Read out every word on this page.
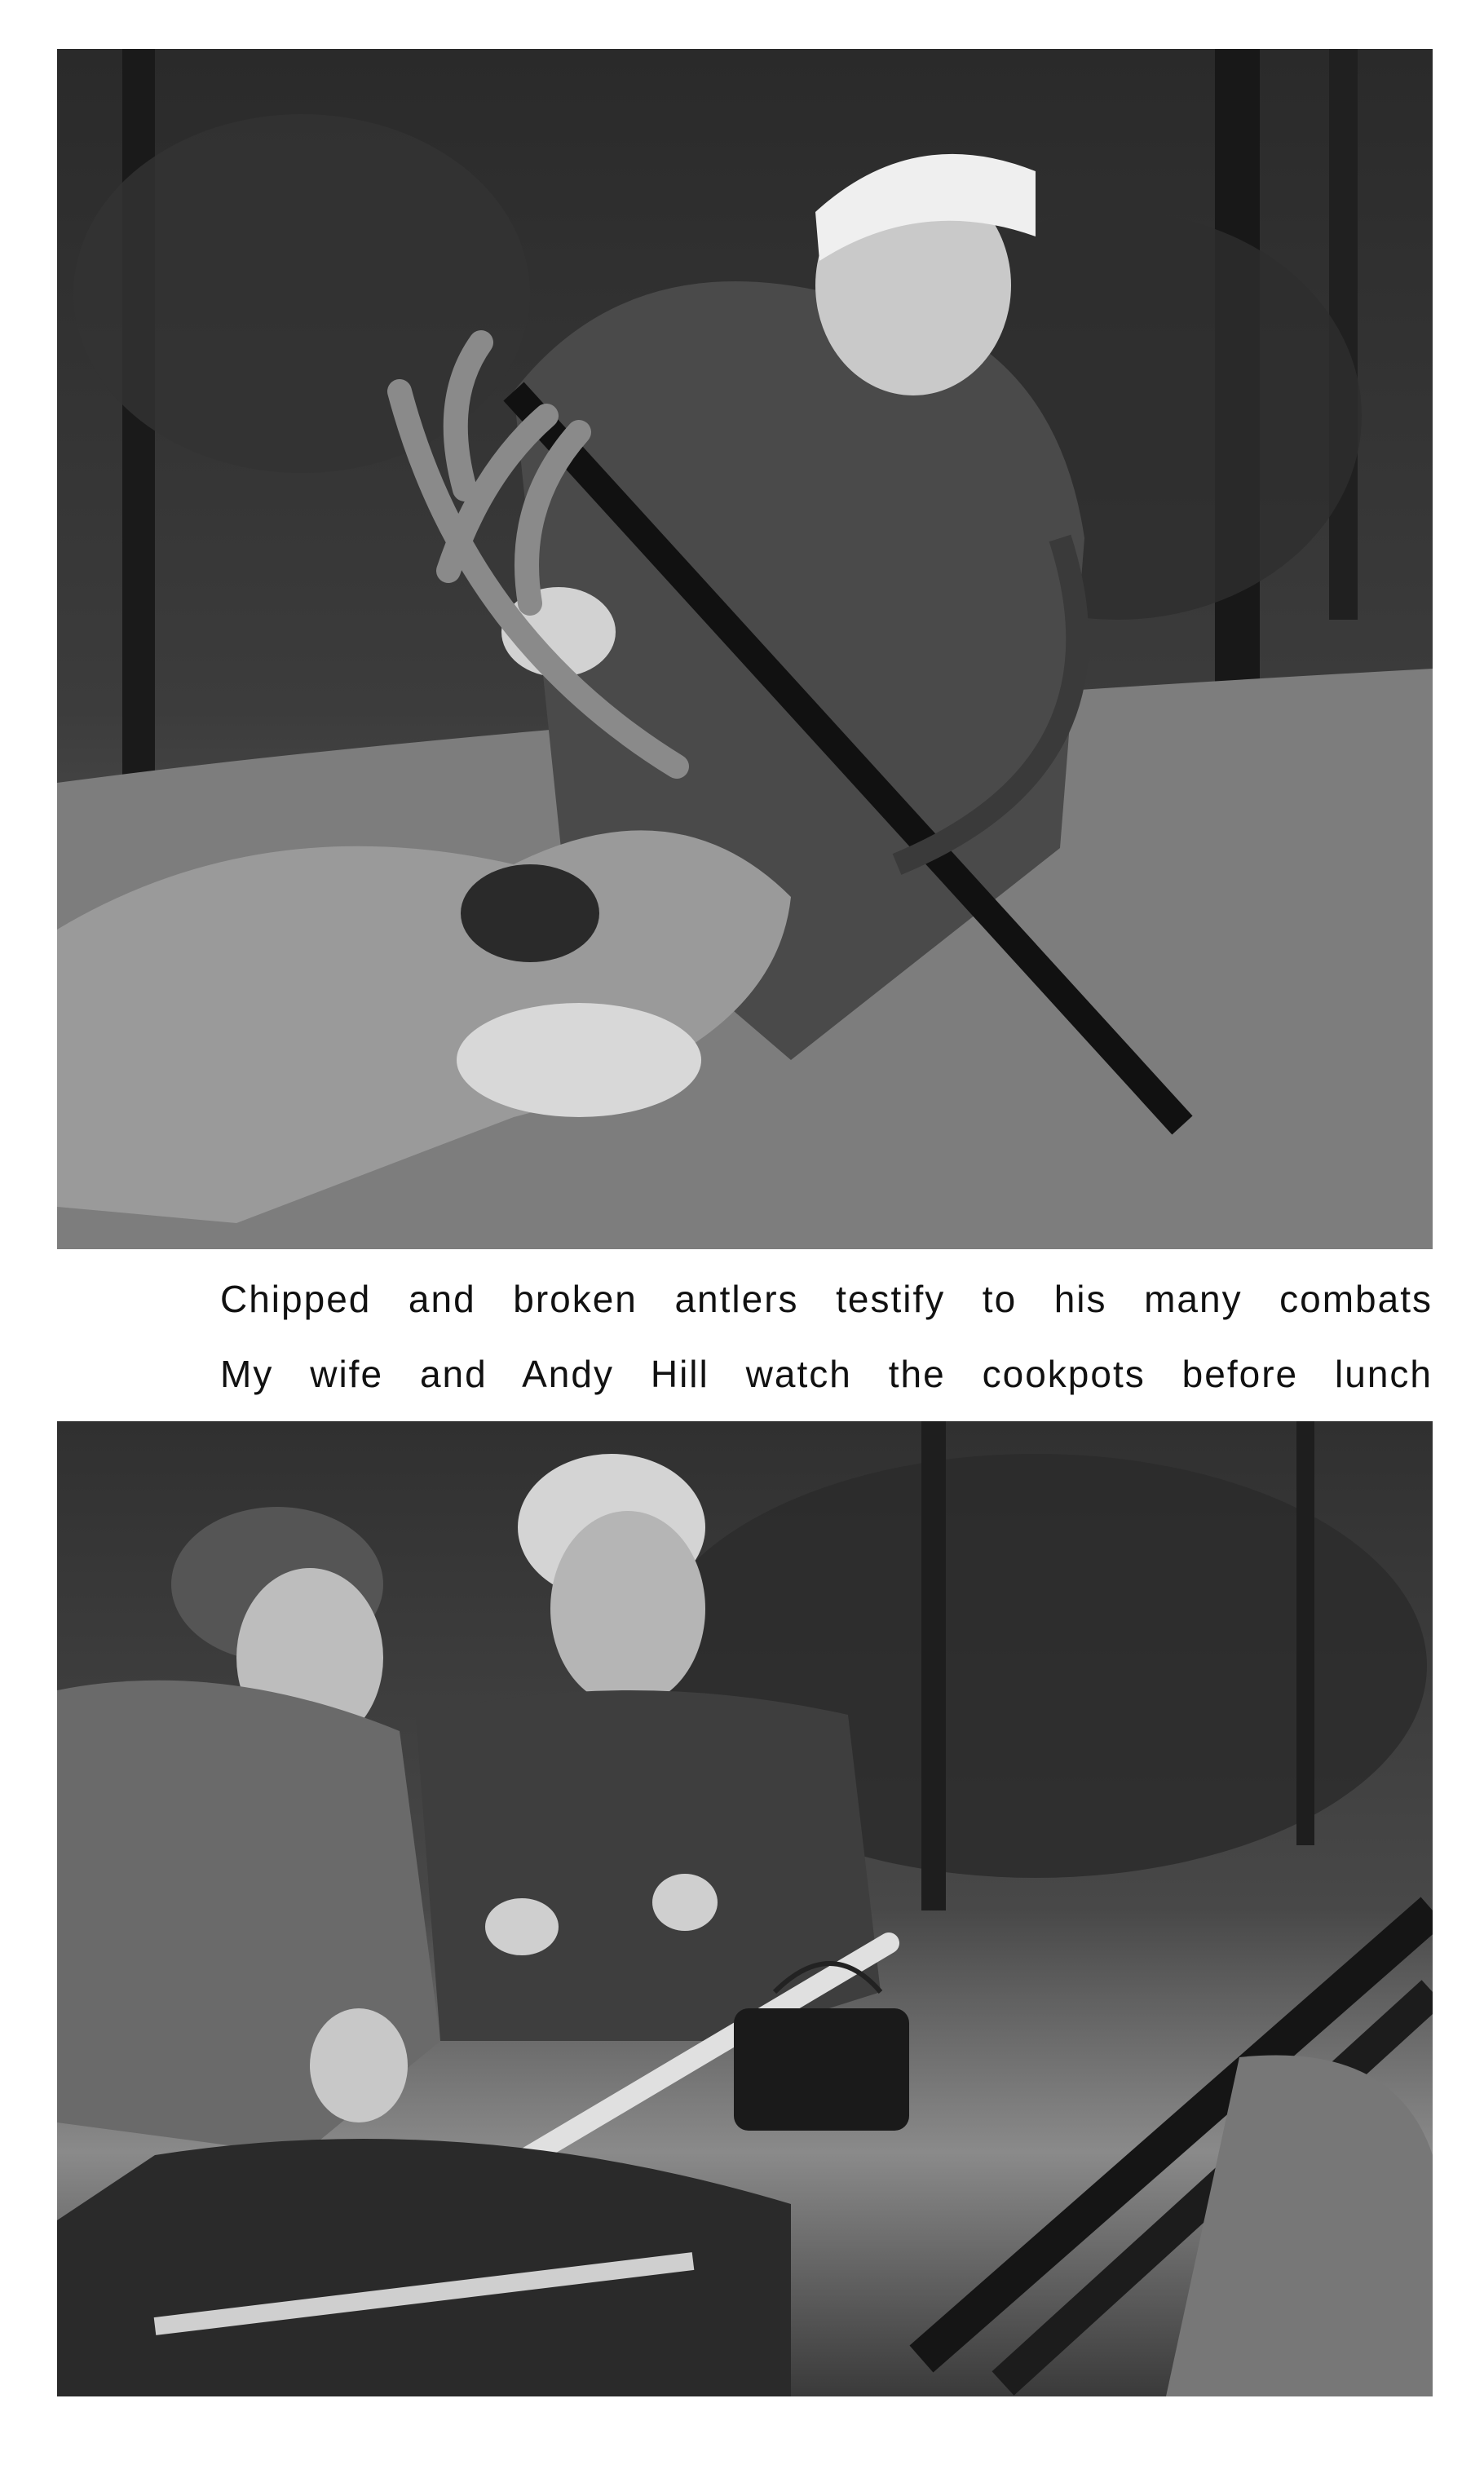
Chipped and broken antlers testify to his many combats
My wife and Andy Hill watch the cookpots before lunch
